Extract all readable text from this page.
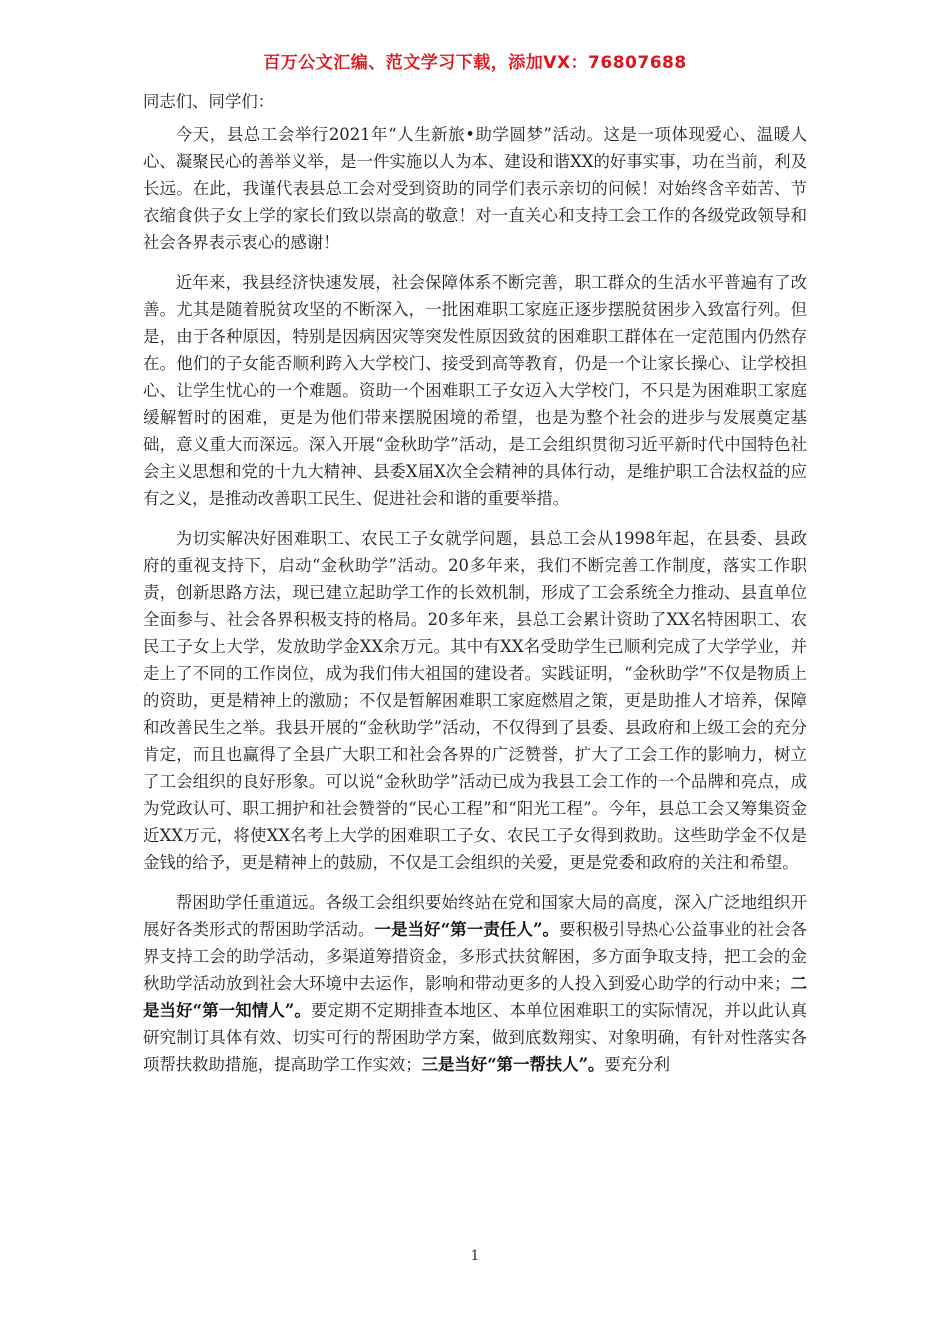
百万公文汇编、范文学习下载，添加VX：76807688

同志们、同学们：

今天，县总工会举行2021年“人生新旅•助学圆梦”活动。这是一项体现爱心、温暖人心、凝聚民心的善举义举，是一件实施以人为本、建设和谐XX的好事实事，功在当前，利及长远。在此，我谨代表县总工会对受到资助的同学们表示亲切的问候！对始终含辛茹苦、节衣缩食供子女上学的家长们致以崇高的敬意！对一直关心和支持工会工作的各级党政领导和社会各界表示衷心的感谢！

近年来，我县经济快速发展，社会保障体系不断完善，职工群众的生活水平普遍有了改善。尤其是随着脱贫攻坚的不断深入，一批困难职工家庭正逐步摆脱贫困步入致富行列。但是，由于各种原因，特别是因病因灾等突发性原因致贫的困难职工群体在一定范围内仍然存在。他们的子女能否顺利跨入大学校门、接受到高等教育，仍是一个让家长操心、让学校担心、让学生忧心的一个难题。资助一个困难职工子女迈入大学校门，不只是为困难职工家庭缓解暂时的困难，更是为他们带来摆脱困境的希望，也是为整个社会的进步与发展奠定基础，意义重大而深远。深入开展“金秋助学”活动，是工会组织贯彻习近平新时代中国特色社会主义思想和党的十九大精神、县委X届X次全会精神的具体行动，是维护职工合法权益的应有之义，是推动改善职工民生、促进社会和谐的重要举措。

为切实解决好困难职工、农民工子女就学问题，县总工会从1998年起，在县委、县政府的重视支持下，启动“金秋助学”活动。20多年来，我们不断完善工作制度，落实工作职责，创新思路方法，现已建立起助学工作的长效机制，形成了工会系统全力推动、县直单位全面参与、社会各界积极支持的格局。20多年来，县总工会累计资助了XX名特困职工、农民工子女上大学，发放助学金XX余万元。其中有XX名受助学生已顺利完成了大学学业，并走上了不同的工作岗位，成为我们伟大祖国的建设者。实践证明，“金秋助学”不仅是物质上的资助，更是精神上的激励；不仅是暂解困难职工家庭燃眉之策，更是助推人才培养，保障和改善民生之举。我县开展的“金秋助学”活动，不仅得到了县委、县政府和上级工会的充分肯定，而且也赢得了全县广大职工和社会各界的广泛赞誉，扩大了工会工作的影响力，树立了工会组织的良好形象。可以说“金秋助学”活动已成为我县工会工作的一个品牌和亮点，成为党政认可、职工拥护和社会赞誉的“民心工程”和“阳光工程”。今年，县总工会又筹集资金近XX万元，将使XX名考上大学的困难职工子女、农民工子女得到救助。这些助学金不仅是金钱的给予，更是精神上的鼓励，不仅是工会组织的关爱，更是党委和政府的关注和希望。

帮困助学任重道远。各级工会组织要始终站在党和国家大局的高度，深入广泛地组织开展好各类形式的帮困助学活动。一是当好“第一责任人”。要积极引导热心公益事业的社会各界支持工会的助学活动，多渠道筹措资金，多形式扶贫解困，多方面争取支持，把工会的金秋助学活动放到社会大环境中去运作，影响和带动更多的人投入到爱心助学的行动中来；二是当好“第一知情人”。要定期不定期排查本地区、本单位困难职工的实际情况，并以此认真研究制订具体有效、切实可行的帮困助学方案，做到底数翔实、对象明确，有针对性落实各项帮扶救助措施，提高助学工作实效；三是当好“第一帮扶人”。要充分利

1
